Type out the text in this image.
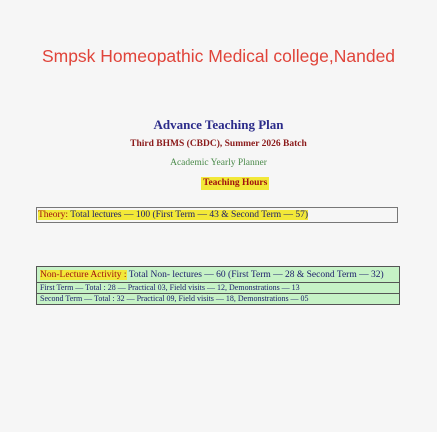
Smpsk Homeopathic Medical college,Nanded
Advance Teaching Plan
Third BHMS (CBDC), Summer 2026 Batch
Academic Yearly Planner
Teaching Hours
Theory: Total lectures — 100 (First Term — 43 & Second Term — 57)
Non-Lecture Activity : Total Non- lectures — 60 (First Term — 28 & Second Term — 32)
First Term — Total : 28 — Practical 03, Field visits — 12, Demonstrations — 13
Second Term — Total : 32 — Practical 09, Field visits — 18, Demonstrations — 05
